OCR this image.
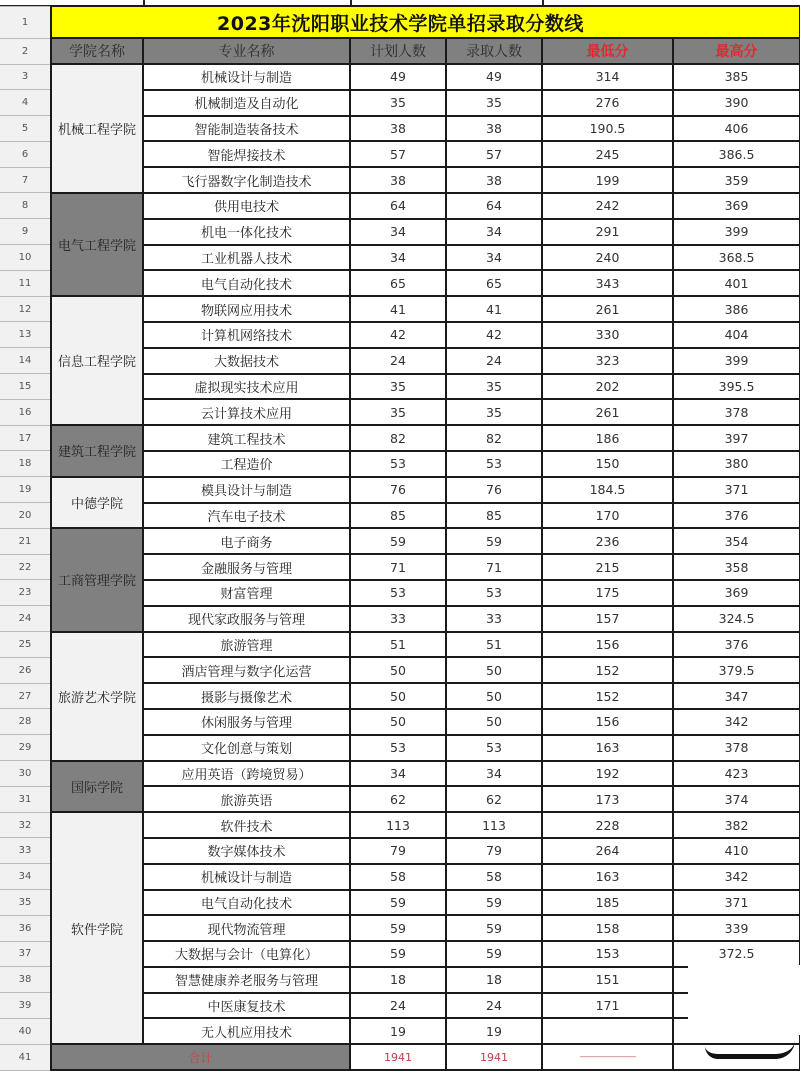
1	2023年沈阳职业技术学院单招录取分数线					
2	学院名称	专业名称	计划人数	录取人数	最低分	最高分
3	机械工程学院	机械设计与制造	49	49	314	385
4		机械制造及自动化	35	35	276	390
5		智能制造装备技术	38	38	190.5	406
6		智能焊接技术	57	57	245	386.5
7		飞行器数字化制造技术	38	38	199	359
8	电气工程学院	供用电技术	64	64	242	369
9		机电一体化技术	34	34	291	399
10		工业机器人技术	34	34	240	368.5
11		电气自动化技术	65	65	343	401
12	信息工程学院	物联网应用技术	41	41	261	386
13		计算机网络技术	42	42	330	404
14		大数据技术	24	24	323	399
15		虚拟现实技术应用	35	35	202	395.5
16		云计算技术应用	35	35	261	378
17	建筑工程学院	建筑工程技术	82	82	186	397
18		工程造价	53	53	150	380
19	中德学院	模具设计与制造	76	76	184.5	371
20		汽车电子技术	85	85	170	376
21	工商管理学院	电子商务	59	59	236	354
22		金融服务与管理	71	71	215	358
23		财富管理	53	53	175	369
24		现代家政服务与管理	33	33	157	324.5
25	旅游艺术学院	旅游管理	51	51	156	376
26		酒店管理与数字化运营	50	50	152	379.5
27		摄影与摄像艺术	50	50	152	347
28		休闲服务与管理	50	50	156	342
29		文化创意与策划	53	53	163	378
30	国际学院	应用英语（跨境贸易）	34	34	192	423
31		旅游英语	62	62	173	374
32	软件学院	软件技术	113	113	228	382
33		数字媒体技术	79	79	264	410
34		机械设计与制造	58	58	163	342
35		电气自动化技术	59	59	185	371
36		现代物流管理	59	59	158	339
37		大数据与会计（电算化）	59	59	153	372.5
38		智慧健康养老服务与管理	18	18	151	
39		中医康复技术	24	24	171	
40		无人机应用技术	19	19		
41	合计		1941	1941	———————	—————
